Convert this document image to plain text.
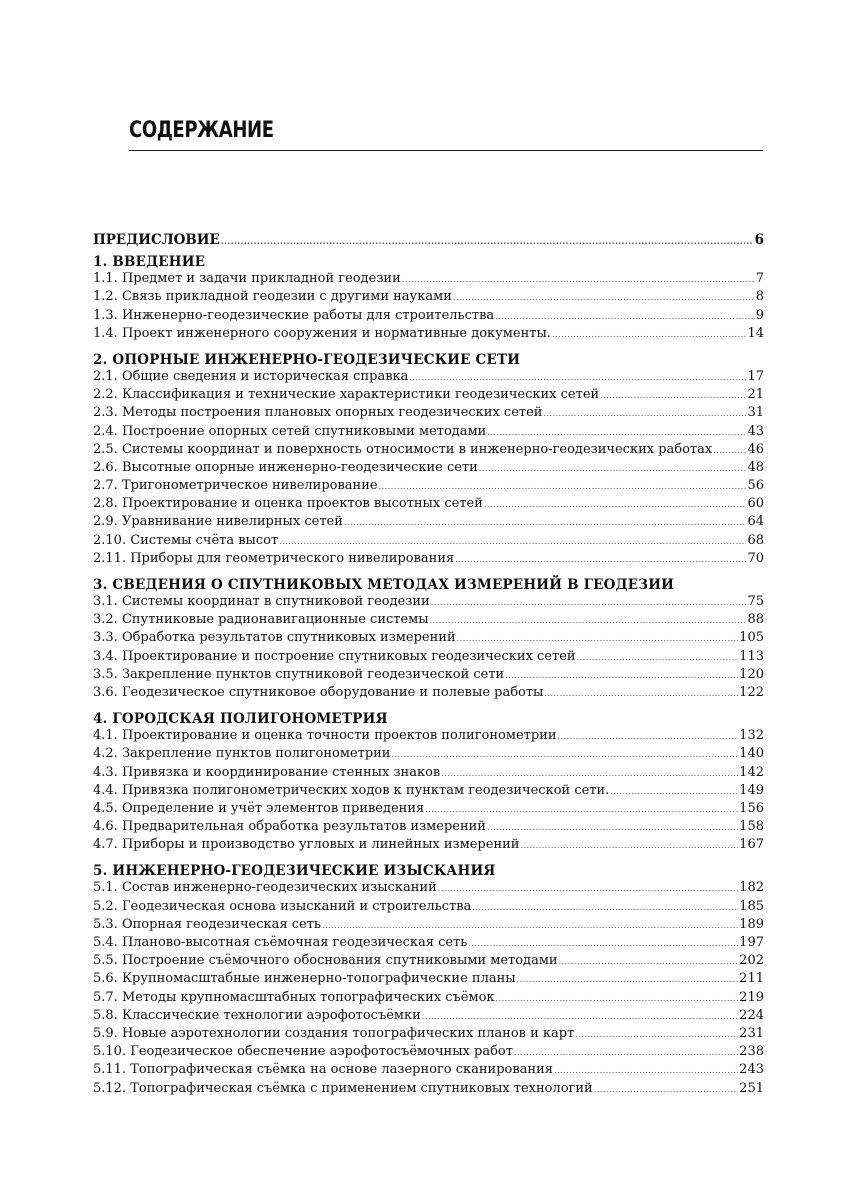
СОДЕРЖАНИЕ
ПРЕДИСЛОВИЕ .....	6
1. ВВЕДЕНИЕ
1.1. Предмет и задачи прикладной геодезии .....	7
1.2. Связь прикладной геодезии с другими науками .....	8
1.3. Инженерно-геодезические работы для строительства .....	9
1.4. Проект инженерного сооружения и нормативные документы. .....	14
2. ОПОРНЫЕ ИНЖЕНЕРНО-ГЕОДЕЗИЧЕСКИЕ СЕТИ
2.1. Общие сведения и историческая справка .....	17
2.2. Классификация и технические характеристики геодезических сетей .....	21
2.3. Методы построения плановых опорных геодезических сетей .....	31
2.4. Построение опорных сетей спутниковыми методами .....	43
2.5. Системы координат и поверхность относимости в инженерно-геодезических работах .....	46
2.6. Высотные опорные инженерно-геодезические сети .....	48
2.7. Тригонометрическое нивелирование .....	56
2.8. Проектирование и оценка проектов высотных сетей .....	60
2.9. Уравнивание нивелирных сетей .....	64
2.10. Системы счёта высот .....	68
2.11. Приборы для геометрического нивелирования .....	70
3. СВЕДЕНИЯ О СПУТНИКОВЫХ МЕТОДАХ ИЗМЕРЕНИЙ В ГЕОДЕЗИИ
3.1. Системы координат в спутниковой геодезии .....	75
3.2. Спутниковые радионавигационные системы .....	88
3.3. Обработка результатов спутниковых измерений .....	105
3.4. Проектирование и построение спутниковых геодезических сетей .....	113
3.5. Закрепление пунктов спутниковой геодезической сети .....	120
3.6. Геодезическое спутниковое оборудование и полевые работы .....	122
4. ГОРОДСКАЯ ПОЛИГОНОМЕТРИЯ
4.1. Проектирование и оценка точности проектов полигонометрии .....	132
4.2. Закрепление пунктов полигонометрии .....	140
4.3. Привязка и координирование стенных знаков .....	142
4.4. Привязка полигонометрических ходов к пунктам геодезической сети. .....	149
4.5. Определение и учёт элементов приведения .....	156
4.6. Предварительная обработка результатов измерений .....	158
4.7. Приборы и производство угловых и линейных измерений .....	167
5. ИНЖЕНЕРНО-ГЕОДЕЗИЧЕСКИЕ ИЗЫСКАНИЯ
5.1. Состав инженерно-геодезических изысканий .....	182
5.2. Геодезическая основа изысканий и строительства .....	185
5.3. Опорная геодезическая сеть .....	189
5.4. Планово-высотная съёмочная геодезическая сеть .....	197
5.5. Построение съёмочного обоснования спутниковыми методами .....	202
5.6. Крупномасштабные инженерно-топографические планы .....	211
5.7. Методы крупномасштабных топографических съёмок .....	219
5.8. Классические технологии аэрофотосъёмки .....	224
5.9. Новые аэротехнологии создания топографических планов и карт .....	231
5.10. Геодезическое обеспечение аэрофотосъёмочных работ .....	238
5.11. Топографическая съёмка на основе лазерного сканирования .....	243
5.12. Топографическая съёмка с применением спутниковых технологий .....	251
